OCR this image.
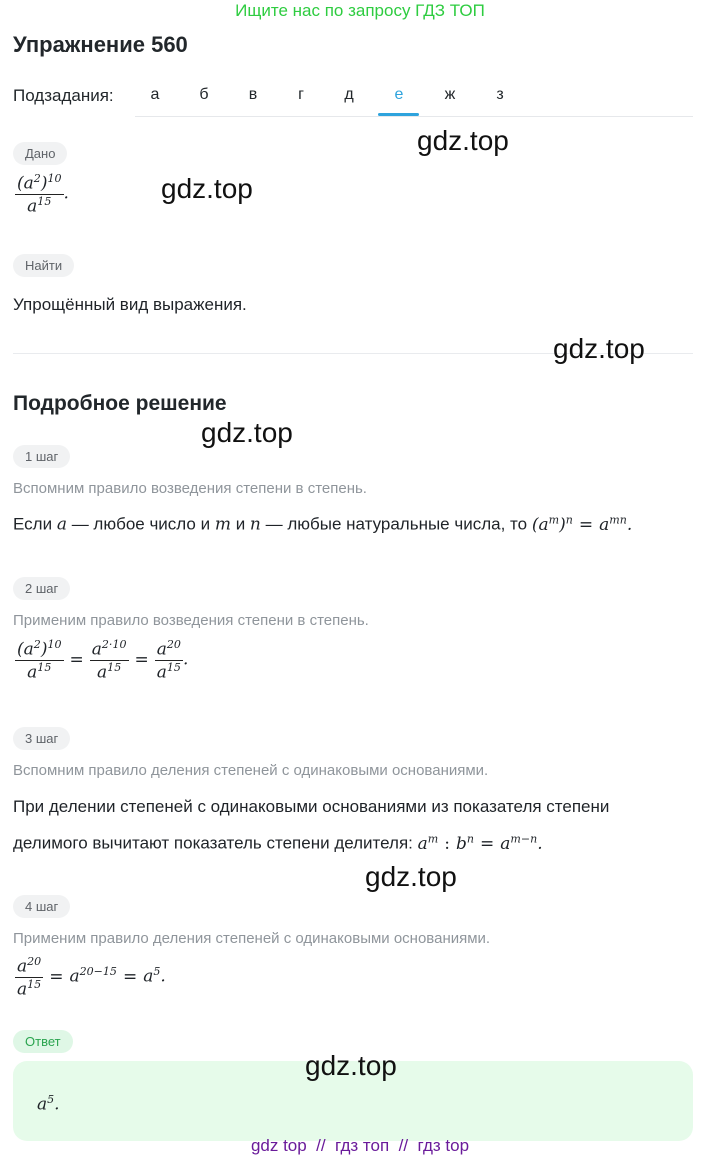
Ищите нас по запросу ГДЗ ТОП
Упражнение 560
Подзадания:	а	б	в	г	д	е	ж	з
gdz.top
Дано
$\frac{(a^2)^{10}}{a^{15}}$ .	gdz.top
Найти
Упрощённый вид выражения.
gdz.top
Подробное решение
gdz.top
1 шаг
Вспомним правило возведения степени в степень.
Если a — любое число и m и n — любые натуральные числа, то $(a^m)^n = a^{mn}$.
2 шаг
Применим правило возведения степени в степень.
$\frac{(a^2)^{10}}{a^{15}} = \frac{a^{2\cdot 10}}{a^{15}} = \frac{a^{20}}{a^{15}}$ .
3 шаг
Вспомним правило деления степеней с одинаковыми основаниями.
При делении степеней с одинаковыми основаниями из показателя степени
делимого вычитают показатель степени делителя: $a^m$ : $b^n = a^{m-n}$.
gdz.top
4 шаг
Применим правило деления степеней с одинаковыми основаниями.
$\frac{a^{20}}{a^{15}} = a^{20-15} = a^5$.
Ответ
$a^5$.
gdz.top
gdz top  //  гдз топ  //  гдз top
